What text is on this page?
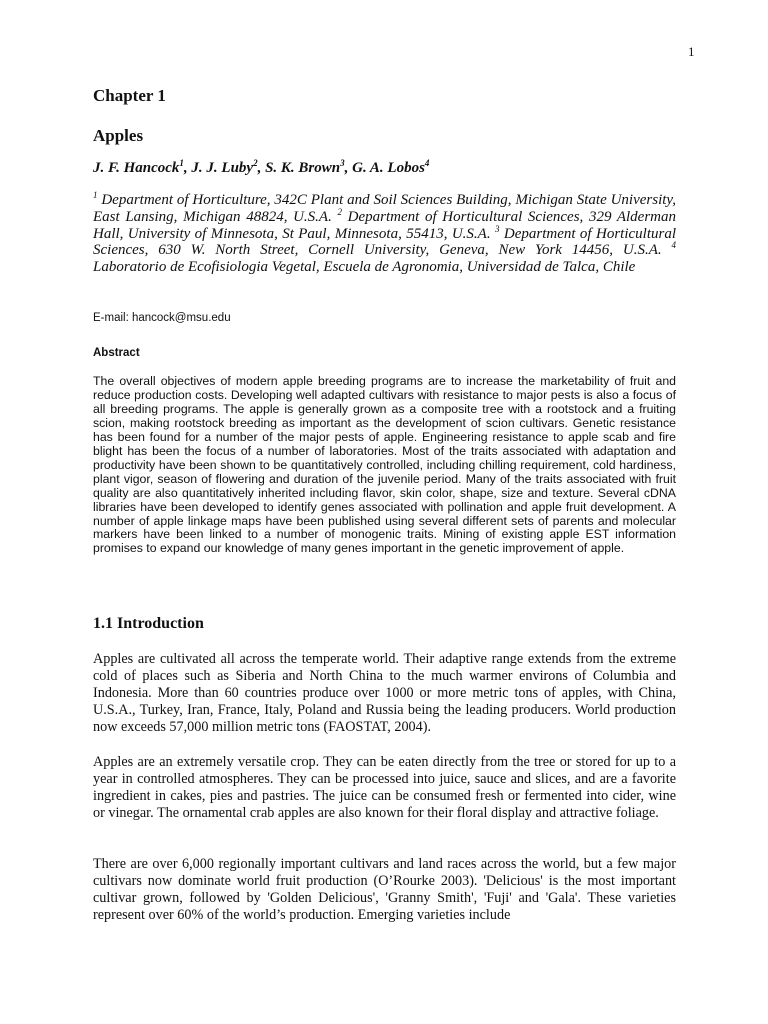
1
Chapter 1
Apples
J. F. Hancock$^1$, J. J. Luby$^2$, S. K. Brown$^3$, G. A. Lobos$^4$
$^1$ Department of Horticulture, 342C Plant and Soil Sciences Building, Michigan State University, East Lansing, Michigan 48824, U.S.A. $^2$ Department of Horticultural Sciences, 329 Alderman Hall, University of Minnesota, St Paul, Minnesota, 55413, U.S.A. $^3$ Department of Horticultural Sciences, 630 W. North Street, Cornell University, Geneva, New York 14456, U.S.A. $^4$ Laboratorio de Ecofisiologia Vegetal, Escuela de Agronomia, Universidad de Talca, Chile
E-mail: hancock@msu.edu
Abstract

The overall objectives of modern apple breeding programs are to increase the marketability of fruit and reduce production costs. Developing well adapted cultivars with resistance to major pests is also a focus of all breeding programs. The apple is generally grown as a composite tree with a rootstock and a fruiting scion, making rootstock breeding as important as the development of scion cultivars. Genetic resistance has been found for a number of the major pests of apple. Engineering resistance to apple scab and fire blight has been the focus of a number of laboratories. Most of the traits associated with adaptation and productivity have been shown to be quantitatively controlled, including chilling requirement, cold hardiness, plant vigor, season of flowering and duration of the juvenile period. Many of the traits associated with fruit quality are also quantitatively inherited including flavor, skin color, shape, size and texture. Several cDNA libraries have been developed to identify genes associated with pollination and apple fruit development. A number of apple linkage maps have been published using several different sets of parents and molecular markers have been linked to a number of monogenic traits. Mining of existing apple EST information promises to expand our knowledge of many genes important in the genetic improvement of apple.

1.1 Introduction

Apples are cultivated all across the temperate world. Their adaptive range extends from the extreme cold of places such as Siberia and North China to the much warmer environs of Columbia and Indonesia. More than 60 countries produce over 1000 or more metric tons of apples, with China, U.S.A., Turkey, Iran, France, Italy, Poland and Russia being the leading producers. World production now exceeds 57,000 million metric tons (FAOSTAT, 2004).

Apples are an extremely versatile crop. They can be eaten directly from the tree or stored for up to a year in controlled atmospheres. They can be processed into juice, sauce and slices, and are a favorite ingredient in cakes, pies and pastries. The juice can be consumed fresh or fermented into cider, wine or vinegar. The ornamental crab apples are also known for their floral display and attractive foliage.

There are over 6,000 regionally important cultivars and land races across the world, but a few major cultivars now dominate world fruit production (O’Rourke 2003). 'Delicious' is the most important cultivar grown, followed by 'Golden Delicious', 'Granny Smith', 'Fuji' and 'Gala'. These varieties represent over 60% of the world’s production. Emerging varieties include
